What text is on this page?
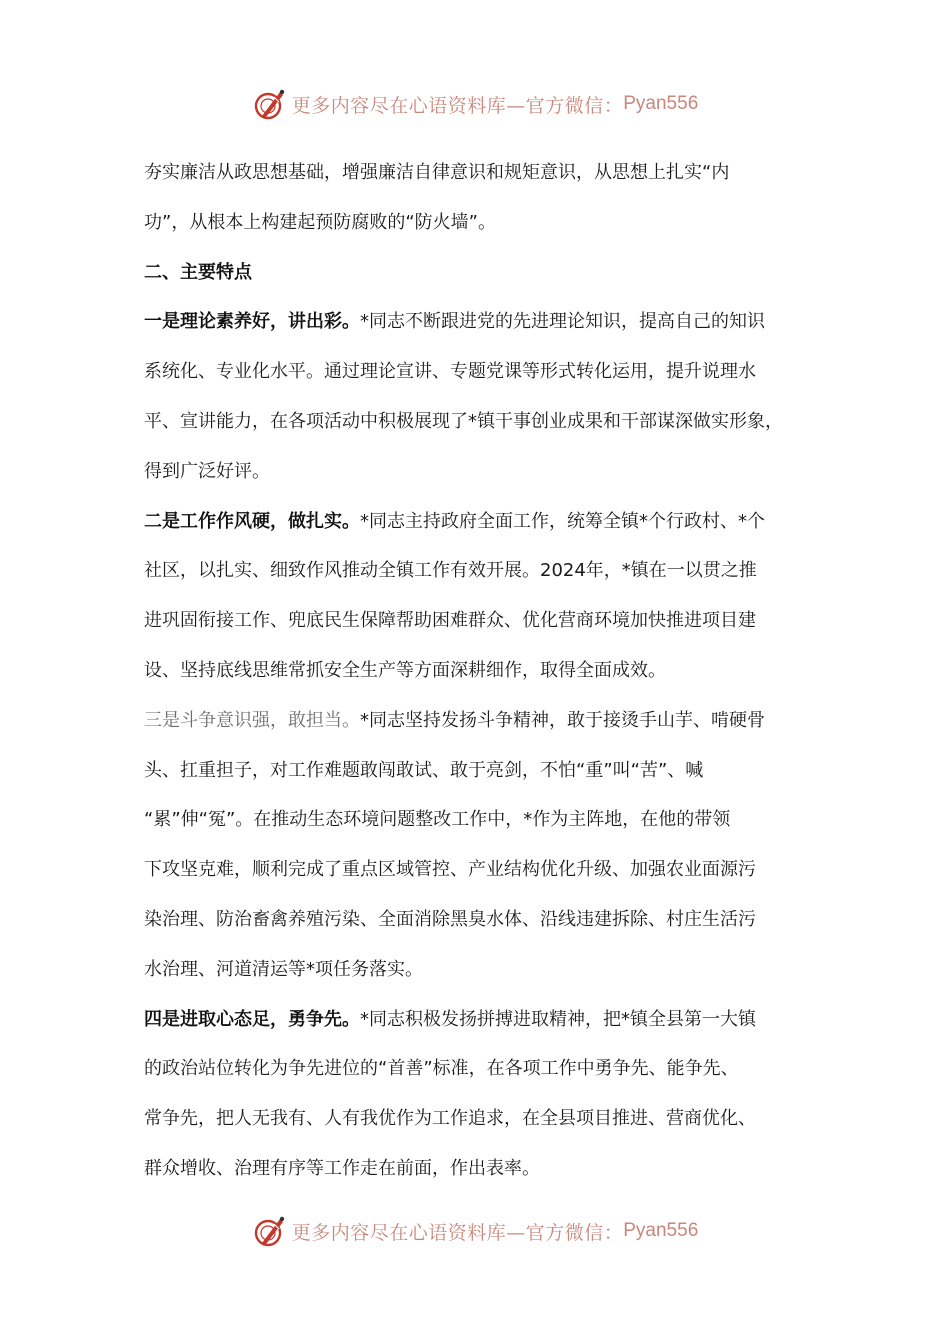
更多内容尽在心语资料库—官方微信： Pyan556
夯实廉洁从政思想基础，增强廉洁自律意识和规矩意识，从思想上扎实“内
功”，从根本上构建起预防腐败的“防火墙”。
二、主要特点
一是理论素养好，讲出彩。*同志不断跟进党的先进理论知识，提高自己的知识
系统化、专业化水平。通过理论宣讲、专题党课等形式转化运用，提升说理水
平、宣讲能力，在各项活动中积极展现了*镇干事创业成果和干部谋深做实形象，
得到广泛好评。
二是工作作风硬，做扎实。*同志主持政府全面工作，统筹全镇*个行政村、*个
社区，以扎实、细致作风推动全镇工作有效开展。2024年，*镇在一以贯之推
进巩固衔接工作、兜底民生保障帮助困难群众、优化营商环境加快推进项目建
设、坚持底线思维常抓安全生产等方面深耕细作，取得全面成效。
三是斗争意识强，敢担当。*同志坚持发扬斗争精神，敢于接烫手山芋、啃硬骨
头、扛重担子，对工作难题敢闯敢试、敢于亮剑，不怕“重”叫“苦”、喊
“累”伸“冤”。在推动生态环境问题整改工作中，*作为主阵地，在他的带领
下攻坚克难，顺利完成了重点区域管控、产业结构优化升级、加强农业面源污
染治理、防治畜禽养殖污染、全面消除黑臭水体、沿线违建拆除、村庄生活污
水治理、河道清运等*项任务落实。
四是进取心态足，勇争先。*同志积极发扬拼搏进取精神，把*镇全县第一大镇
的政治站位转化为争先进位的“首善”标准，在各项工作中勇争先、能争先、
常争先，把人无我有、人有我优作为工作追求，在全县项目推进、营商优化、
群众增收、治理有序等工作走在前面，作出表率。
更多内容尽在心语资料库—官方微信： Pyan556
